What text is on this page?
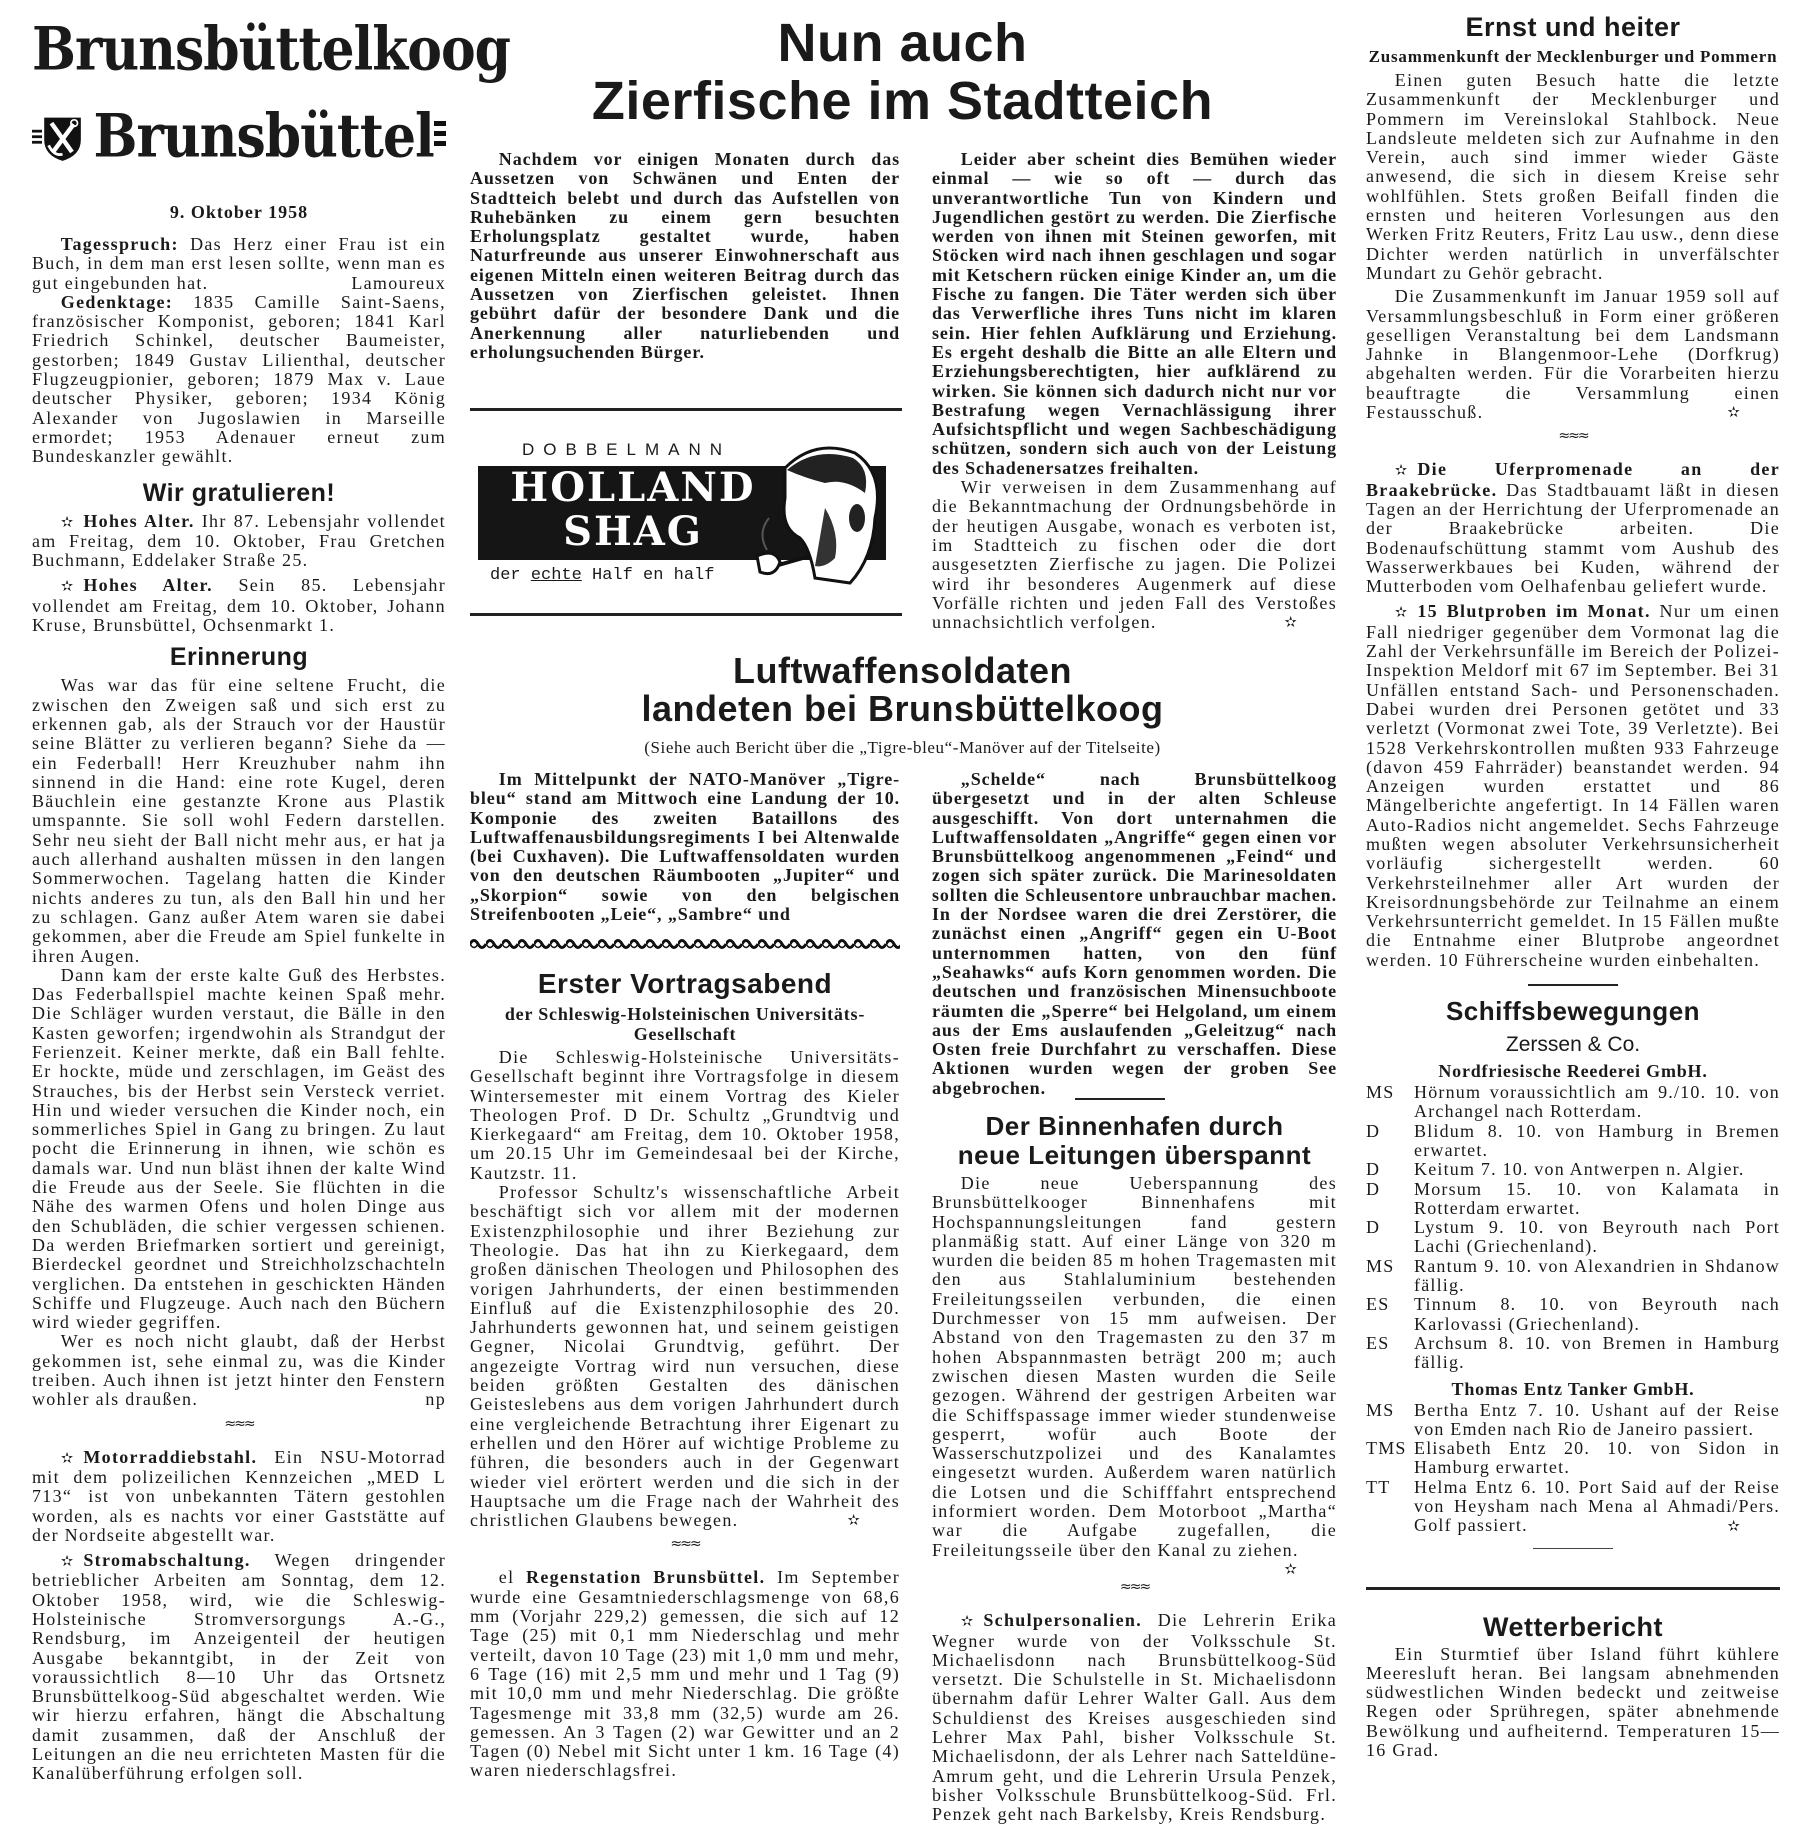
Brunsbüttelkoog
Brunsbüttel
9. Oktober 1958

Tagesspruch: Das Herz einer Frau ist ein Buch, in dem man erst lesen sollte, wenn man es gut eingebunden hat.	Lamoureux

Gedenktage: 1835 Camille Saint-Saens, französischer Komponist, geboren; 1841 Karl Friedrich Schinkel, deutscher Baumeister, gestorben; 1849 Gustav Lilienthal, deutscher Flugzeugpionier, geboren; 1879 Max v. Laue deutscher Physiker, geboren; 1934 König Alexander von Jugoslawien in Marseille ermordet; 1953 Adenauer erneut zum Bundeskanzler gewählt.

Wir gratulieren!

✫ Hohes Alter. Ihr 87. Lebensjahr vollendet am Freitag, dem 10. Oktober, Frau Gretchen Buchmann, Eddelaker Straße 25.

✫ Hohes Alter. Sein 85. Lebensjahr vollendet am Freitag, dem 10. Oktober, Johann Kruse, Brunsbüttel, Ochsenmarkt 1.

Erinnerung

Was war das für eine seltene Frucht, die zwischen den Zweigen saß und sich erst zu erkennen gab, als der Strauch vor der Haustür seine Blätter zu verlieren begann? Siehe da — ein Federball! Herr Kreuzhuber nahm ihn sinnend in die Hand: eine rote Kugel, deren Bäuchlein eine gestanzte Krone aus Plastik umspannte. Sie soll wohl Federn darstellen. Sehr neu sieht der Ball nicht mehr aus, er hat ja auch allerhand aushalten müssen in den langen Sommerwochen. Tagelang hatten die Kinder nichts anderes zu tun, als den Ball hin und her zu schlagen. Ganz außer Atem waren sie dabei gekommen, aber die Freude am Spiel funkelte in ihren Augen.

Dann kam der erste kalte Guß des Herbstes. Das Federballspiel machte keinen Spaß mehr. Die Schläger wurden verstaut, die Bälle in den Kasten geworfen; irgendwohin als Strandgut der Ferienzeit. Keiner merkte, daß ein Ball fehlte. Er hockte, müde und zerschlagen, im Geäst des Strauches, bis der Herbst sein Versteck verriet. Hin und wieder versuchen die Kinder noch, ein sommerliches Spiel in Gang zu bringen. Zu laut pocht die Erinnerung in ihnen, wie schön es damals war. Und nun bläst ihnen der kalte Wind die Freude aus der Seele. Sie flüchten in die Nähe des warmen Ofens und holen Dinge aus den Schubläden, die schier vergessen schienen. Da werden Briefmarken sortiert und gereinigt, Bierdeckel geordnet und Streichholzschachteln verglichen. Da entstehen in geschickten Händen Schiffe und Flugzeuge. Auch nach den Büchern wird wieder gegriffen.

Wer es noch nicht glaubt, daß der Herbst gekommen ist, sehe einmal zu, was die Kinder treiben. Auch ihnen ist jetzt hinter den Fenstern wohler als draußen.	np

≈≈≈

✫ Motorraddiebstahl. Ein NSU-Motorrad mit dem polizeilichen Kennzeichen „MED L 713“ ist von unbekannten Tätern gestohlen worden, als es nachts vor einer Gaststätte auf der Nordseite abgestellt war.

✫ Stromabschaltung. Wegen dringender betrieblicher Arbeiten am Sonntag, dem 12. Oktober 1958, wird, wie die Schleswig-Holsteinische Stromversorgungs A.-G., Rendsburg, im Anzeigenteil der heutigen Ausgabe bekanntgibt, in der Zeit von voraussichtlich 8—10 Uhr das Ortsnetz Brunsbüttelkoog-Süd abgeschaltet werden. Wie wir hierzu erfahren, hängt die Abschaltung damit zusammen, daß der Anschluß der Leitungen an die neu errichteten Masten für die Kanalüberführung erfolgen soll.

Nun auch
Zierfische im Stadtteich

Nachdem vor einigen Monaten durch das Aussetzen von Schwänen und Enten der Stadtteich belebt und durch das Aufstellen von Ruhebänken zu einem gern besuchten Erholungsplatz gestaltet wurde, haben Naturfreunde aus unserer Einwohnerschaft aus eigenen Mitteln einen weiteren Beitrag durch das Aussetzen von Zierfischen geleistet. Ihnen gebührt dafür der besondere Dank und die Anerkennung aller naturliebenden und erholungsuchenden Bürger.

Leider aber scheint dies Bemühen wieder einmal — wie so oft — durch das unverantwortliche Tun von Kindern und Jugendlichen gestört zu werden. Die Zierfische werden von ihnen mit Steinen geworfen, mit Stöcken wird nach ihnen geschlagen und sogar mit Ketschern rücken einige Kinder an, um die Fische zu fangen. Die Täter werden sich über das Verwerfliche ihres Tuns nicht im klaren sein. Hier fehlen Aufklärung und Erziehung. Es ergeht deshalb die Bitte an alle Eltern und Erziehungsberechtigten, hier aufklärend zu wirken. Sie können sich dadurch nicht nur vor Bestrafung wegen Vernachlässigung ihrer Aufsichtspflicht und wegen Sachbeschädigung schützen, sondern sich auch von der Leistung des Schadenersatzes freihalten.

Wir verweisen in dem Zusammenhang auf die Bekanntmachung der Ordnungsbehörde in der heutigen Ausgabe, wonach es verboten ist, im Stadtteich zu fischen oder die dort ausgesetzten Zierfische zu jagen. Die Polizei wird ihr besonderes Augenmerk auf diese Vorfälle richten und jeden Fall des Verstoßes unnachsichtlich verfolgen.	✫

DOBBELMANN
HOLLAND
SHAG
der echte Half en half
Luftwaffensoldaten
landeten bei Brunsbüttelkoog
(Siehe auch Bericht über die „Tigre-bleu“-Manöver auf der Titelseite)

Im Mittelpunkt der NATO-Manöver „Tigre-bleu“ stand am Mittwoch eine Landung der 10. Komponie des zweiten Bataillons des Luftwaffenausbildungsregiments I bei Altenwalde (bei Cuxhaven). Die Luftwaffensoldaten wurden von den deutschen Räumbooten „Jupiter“ und „Skorpion“ sowie von den belgischen Streifenbooten „Leie“, „Sambre“ und

„Schelde“ nach Brunsbüttelkoog übergesetzt und in der alten Schleuse ausgeschifft. Von dort unternahmen die Luftwaffensoldaten „Angriffe“ gegen einen vor Brunsbüttelkoog angenommenen „Feind“ und zogen sich später zurück. Die Marinesoldaten sollten die Schleusentore unbrauchbar machen. In der Nordsee waren die drei Zerstörer, die zunächst einen „Angriff“ gegen ein U-Boot unternommen hatten, von den fünf „Seahawks“ aufs Korn genommen worden. Die deutschen und französischen Minensuchboote räumten die „Sperre“ bei Helgoland, um einem aus der Ems auslaufenden „Geleitzug“ nach Osten freie Durchfahrt zu verschaffen. Diese Aktionen wurden wegen der groben See abgebrochen.

Erster Vortragsabend
der Schleswig-Holsteinischen Universitäts-Gesellschaft

Die Schleswig-Holsteinische Universitäts-Gesellschaft beginnt ihre Vortragsfolge in diesem Wintersemester mit einem Vortrag des Kieler Theologen Prof. D Dr. Schultz „Grundtvig und Kierkegaard“ am Freitag, dem 10. Oktober 1958, um 20.15 Uhr im Gemeindesaal bei der Kirche, Kautzstr. 11.

Professor Schultz's wissenschaftliche Arbeit beschäftigt sich vor allem mit der modernen Existenzphilosophie und ihrer Beziehung zur Theologie. Das hat ihn zu Kierkegaard, dem großen dänischen Theologen und Philosophen des vorigen Jahrhunderts, der einen bestimmenden Einfluß auf die Existenzphilosophie des 20. Jahrhunderts gewonnen hat, und seinem geistigen Gegner, Nicolai Grundtvig, geführt. Der angezeigte Vortrag wird nun versuchen, diese beiden größten Gestalten des dänischen Geisteslebens aus dem vorigen Jahrhundert durch eine vergleichende Betrachtung ihrer Eigenart zu erhellen und den Hörer auf wichtige Probleme zu führen, die besonders auch in der Gegenwart wieder viel erörtert werden und die sich in der Hauptsache um die Frage nach der Wahrheit des christlichen Glaubens bewegen.	✫

≈≈≈

el Regenstation Brunsbüttel. Im September wurde eine Gesamtniederschlagsmenge von 68,6 mm (Vorjahr 229,2) gemessen, die sich auf 12 Tage (25) mit 0,1 mm Niederschlag und mehr verteilt, davon 10 Tage (23) mit 1,0 mm und mehr, 6 Tage (16) mit 2,5 mm und mehr und 1 Tag (9) mit 10,0 mm und mehr Niederschlag. Die größte Tagesmenge mit 33,8 mm (32,5) wurde am 26. gemessen. An 3 Tagen (2) war Gewitter und an 2 Tagen (0) Nebel mit Sicht unter 1 km. 16 Tage (4) waren niederschlagsfrei.

Der Binnenhafen durch
neue Leitungen überspannt

Die neue Ueberspannung des Brunsbüttelkooger Binnenhafens mit Hochspannungsleitungen fand gestern planmäßig statt. Auf einer Länge von 320 m wurden die beiden 85 m hohen Tragemasten mit den aus Stahlaluminium bestehenden Freileitungsseilen verbunden, die einen Durchmesser von 15 mm aufweisen. Der Abstand von den Tragemasten zu den 37 m hohen Abspannmasten beträgt 200 m; auch zwischen diesen Masten wurden die Seile gezogen. Während der gestrigen Arbeiten war die Schiffspassage immer wieder stundenweise gesperrt, wofür auch Boote der Wasserschutzpolizei und des Kanalamtes eingesetzt wurden. Außerdem waren natürlich die Lotsen und die Schifffahrt entsprechend informiert worden. Dem Motorboot „Martha“ war die Aufgabe zugefallen, die Freileitungsseile über den Kanal zu ziehen.
✫

≈≈≈

✫ Schulpersonalien. Die Lehrerin Erika Wegner wurde von der Volksschule St. Michaelisdonn nach Brunsbüttelkoog-Süd versetzt. Die Schulstelle in St. Michaelisdonn übernahm dafür Lehrer Walter Gall. Aus dem Schuldienst des Kreises ausgeschieden sind Lehrer Max Pahl, bisher Volksschule St. Michaelisdonn, der als Lehrer nach Satteldüne-Amrum geht, und die Lehrerin Ursula Penzek, bisher Volksschule Brunsbüttelkoog-Süd. Frl. Penzek geht nach Barkelsby, Kreis Rendsburg.

Ernst und heiter
Zusammenkunft der Mecklenburger und Pommern

Einen guten Besuch hatte die letzte Zusammenkunft der Mecklenburger und Pommern im Vereinslokal Stahlbock. Neue Landsleute meldeten sich zur Aufnahme in den Verein, auch sind immer wieder Gäste anwesend, die sich in diesem Kreise sehr wohlfühlen. Stets großen Beifall finden die ernsten und heiteren Vorlesungen aus den Werken Fritz Reuters, Fritz Lau usw., denn diese Dichter werden natürlich in unverfälschter Mundart zu Gehör gebracht.

Die Zusammenkunft im Januar 1959 soll auf Versammlungsbeschluß in Form einer größeren geselligen Veranstaltung bei dem Landsmann Jahnke in Blangenmoor-Lehe (Dorfkrug) abgehalten werden. Für die Vorarbeiten hierzu beauftragte die Versammlung einen Festausschuß.	✫

≈≈≈

✫ Die Uferpromenade an der Braakebrücke. Das Stadtbauamt läßt in diesen Tagen an der Herrichtung der Uferpromenade an der Braakebrücke arbeiten. Die Bodenaufschüttung stammt vom Aushub des Wasserwerkbaues bei Kuden, während der Mutterboden vom Oelhafenbau geliefert wurde.

✫ 15 Blutproben im Monat. Nur um einen Fall niedriger gegenüber dem Vormonat lag die Zahl der Verkehrsunfälle im Bereich der Polizei-Inspektion Meldorf mit 67 im September. Bei 31 Unfällen entstand Sach- und Personenschaden. Dabei wurden drei Personen getötet und 33 verletzt (Vormonat zwei Tote, 39 Verletzte). Bei 1528 Verkehrskontrollen mußten 933 Fahrzeuge (davon 459 Fahrräder) beanstandet werden. 94 Anzeigen wurden erstattet und 86 Mängelberichte angefertigt. In 14 Fällen waren Auto-Radios nicht angemeldet. Sechs Fahrzeuge mußten wegen absoluter Verkehrsunsicherheit vorläufig sichergestellt werden. 60 Verkehrsteilnehmer aller Art wurden der Kreisordnungsbehörde zur Teilnahme an einem Verkehrsunterricht gemeldet. In 15 Fällen mußte die Entnahme einer Blutprobe angeordnet werden. 10 Führerscheine wurden einbehalten.

Schiffsbewegungen
Zerssen & Co.
Nordfriesische Reederei GmbH.
MS	Hörnum voraussichtlich am 9./10. 10. von Archangel nach Rotterdam.
D	Blidum 8. 10. von Hamburg in Bremen erwartet.
D	Keitum 7. 10. von Antwerpen n. Algier.
D	Morsum 15. 10. von Kalamata in Rotterdam erwartet.
D	Lystum 9. 10. von Beyrouth nach Port Lachi (Griechenland).
MS	Rantum 9. 10. von Alexandrien in Shdanow fällig.
ES	Tinnum 8. 10. von Beyrouth nach Karlovassi (Griechenland).
ES	Archsum 8. 10. von Bremen in Hamburg fällig.
Thomas Entz Tanker GmbH.
MS	Bertha Entz 7. 10. Ushant auf der Reise von Emden nach Rio de Janeiro passiert.
TMS Elisabeth Entz 20. 10. von Sidon in Hamburg erwartet.
TT	Helma Entz 6. 10. Port Said auf der Reise von Heysham nach Mena al Ahmadi/Pers. Golf passiert.	✫
Wetterbericht

Ein Sturmtief über Island führt kühlere Meeresluft heran. Bei langsam abnehmenden südwestlichen Winden bedeckt und zeitweise Regen oder Sprühregen, später abnehmende Bewölkung und aufheiternd. Temperaturen 15—16 Grad.
